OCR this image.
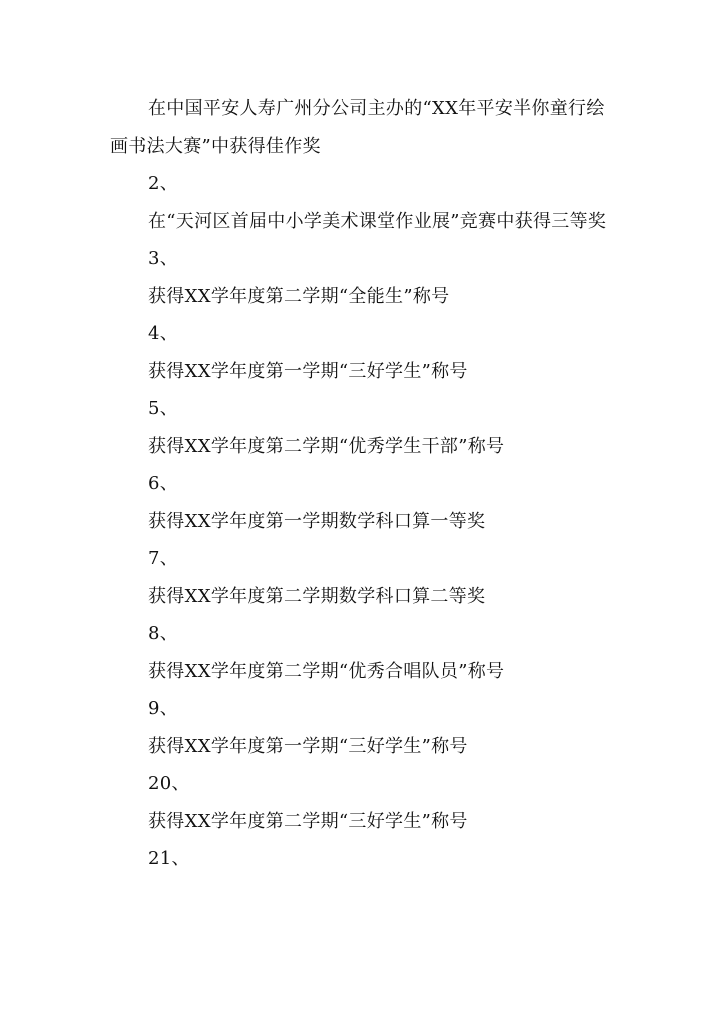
在中国平安人寿广州分公司主办的“XX年平安半你童行绘画书法大赛”中获得佳作奖

2、

在“天河区首届中小学美术课堂作业展”竞赛中获得三等奖

3、

获得XX学年度第二学期“全能生”称号

4、

获得XX学年度第一学期“三好学生”称号

5、

获得XX学年度第二学期“优秀学生干部”称号

6、

获得XX学年度第一学期数学科口算一等奖

7、

获得XX学年度第二学期数学科口算二等奖

8、

获得XX学年度第二学期“优秀合唱队员”称号

9、

获得XX学年度第一学期“三好学生”称号

20、

获得XX学年度第二学期“三好学生”称号

21、
